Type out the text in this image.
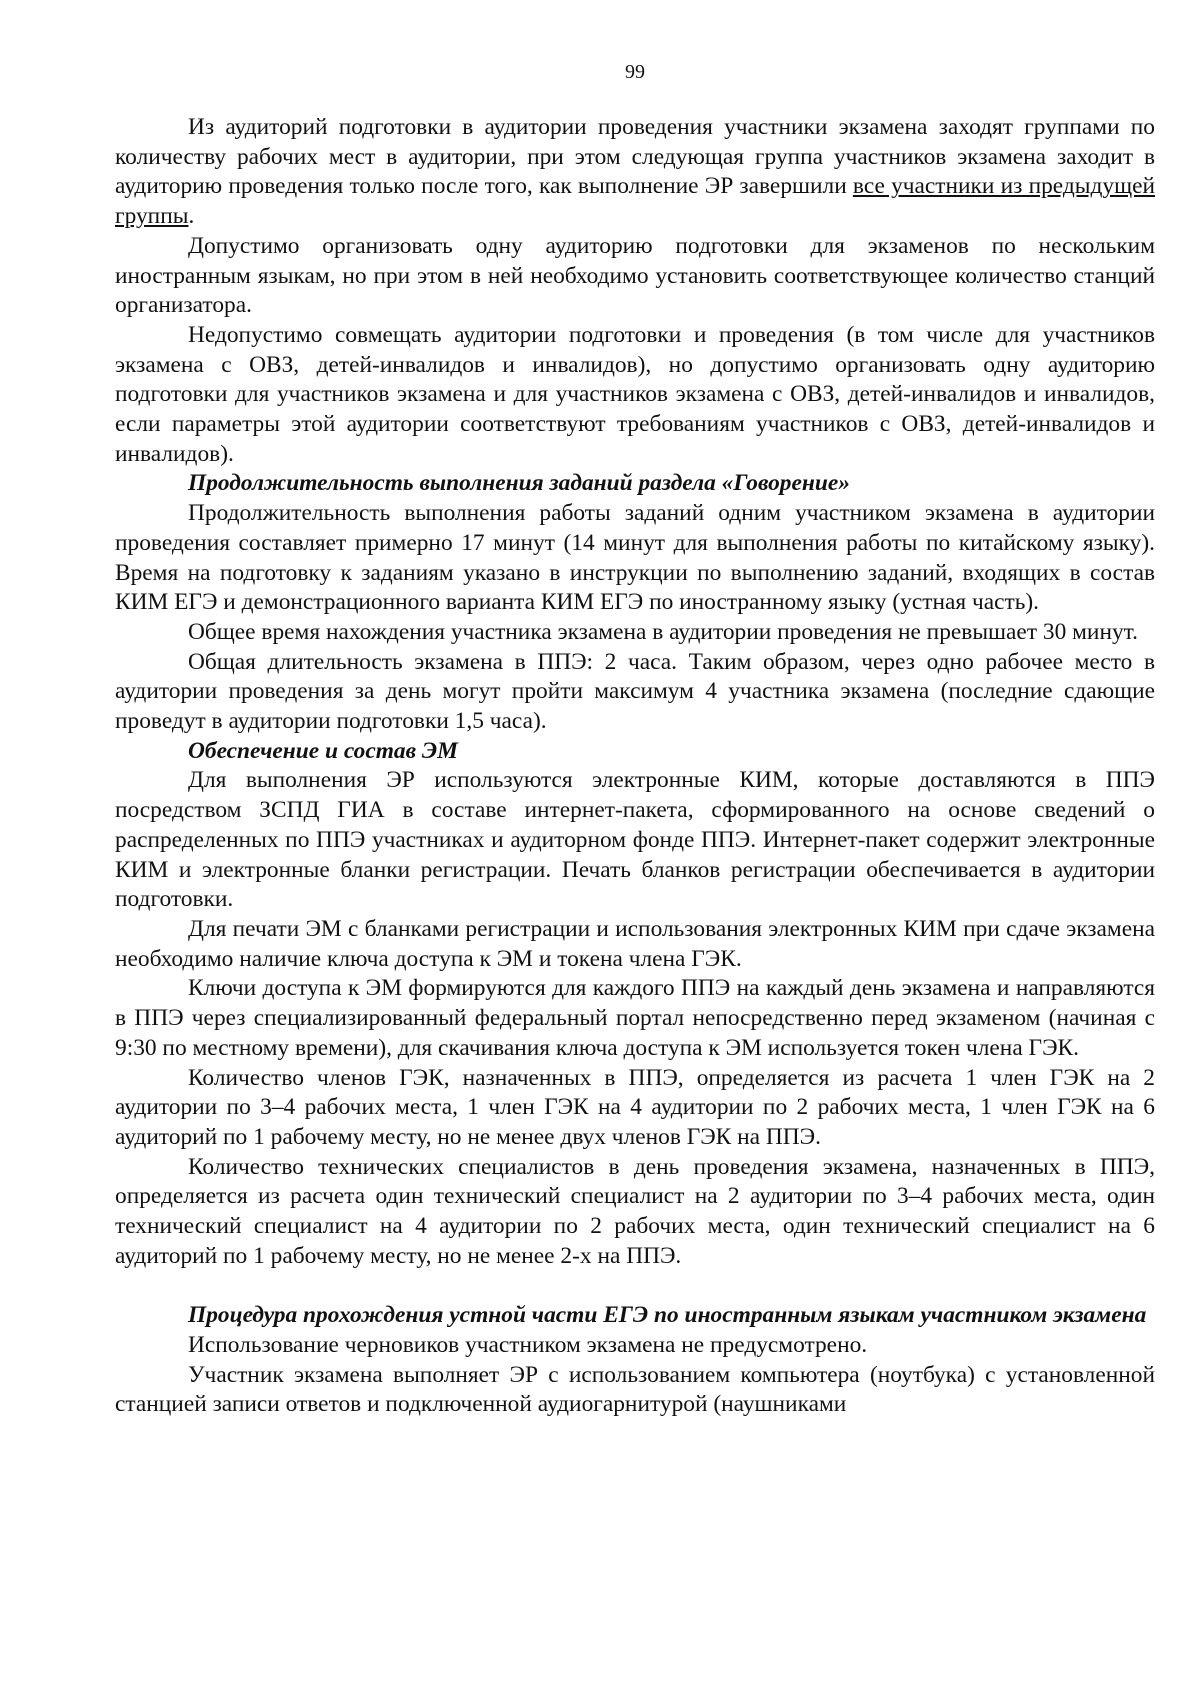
99

Из аудиторий подготовки в аудитории проведения участники экзамена заходят группами по количеству рабочих мест в аудитории, при этом следующая группа участников экзамена заходит в аудиторию проведения только после того, как выполнение ЭР завершили все участники из предыдущей группы.

Допустимо организовать одну аудиторию подготовки для экзаменов по нескольким иностранным языкам, но при этом в ней необходимо установить соответствующее количество станций организатора.

Недопустимо совмещать аудитории подготовки и проведения (в том числе для участников экзамена с ОВЗ, детей-инвалидов и инвалидов), но допустимо организовать одну аудиторию подготовки для участников экзамена и для участников экзамена с ОВЗ, детей-инвалидов и инвалидов, если параметры этой аудитории соответствуют требованиям участников с ОВЗ, детей-инвалидов и инвалидов).

Продолжительность выполнения заданий раздела «Говорение»

Продолжительность выполнения работы заданий одним участником экзамена в аудитории проведения составляет примерно 17 минут (14 минут для выполнения работы по китайскому языку). Время на подготовку к заданиям указано в инструкции по выполнению заданий, входящих в состав КИМ ЕГЭ и демонстрационного варианта КИМ ЕГЭ по иностранному языку (устная часть).

Общее время нахождения участника экзамена в аудитории проведения не превышает 30 минут.

Общая длительность экзамена в ППЭ: 2 часа. Таким образом, через одно рабочее место в аудитории проведения за день могут пройти максимум 4 участника экзамена (последние сдающие проведут в аудитории подготовки 1,5 часа).

Обеспечение и состав ЭМ

Для выполнения ЭР используются электронные КИМ, которые доставляются в ППЭ посредством ЗСПД ГИА в составе интернет-пакета, сформированного на основе сведений о распределенных по ППЭ участниках и аудиторном фонде ППЭ. Интернет-пакет содержит электронные КИМ и электронные бланки регистрации. Печать бланков регистрации обеспечивается в аудитории подготовки.

Для печати ЭМ с бланками регистрации и использования электронных КИМ при сдаче экзамена необходимо наличие ключа доступа к ЭМ и токена члена ГЭК.

Ключи доступа к ЭМ формируются для каждого ППЭ на каждый день экзамена и направляются в ППЭ через специализированный федеральный портал непосредственно перед экзаменом (начиная с 9:30 по местному времени), для скачивания ключа доступа к ЭМ используется токен члена ГЭК.

Количество членов ГЭК, назначенных в ППЭ, определяется из расчета 1 член ГЭК на 2 аудитории по 3–4 рабочих места, 1 член ГЭК на 4 аудитории по 2 рабочих места, 1 член ГЭК на 6 аудиторий по 1 рабочему месту, но не менее двух членов ГЭК на ППЭ.

Количество технических специалистов в день проведения экзамена, назначенных в ППЭ, определяется из расчета один технический специалист на 2 аудитории по 3–4 рабочих места, один технический специалист на 4 аудитории по 2 рабочих места, один технический специалист на 6 аудиторий по 1 рабочему месту, но не менее 2-х на ППЭ.

Процедура прохождения устной части ЕГЭ по иностранным языкам участником экзамена

Использование черновиков участником экзамена не предусмотрено.

Участник экзамена выполняет ЭР с использованием компьютера (ноутбука) с установленной станцией записи ответов и подключенной аудиогарнитурой (наушниками
